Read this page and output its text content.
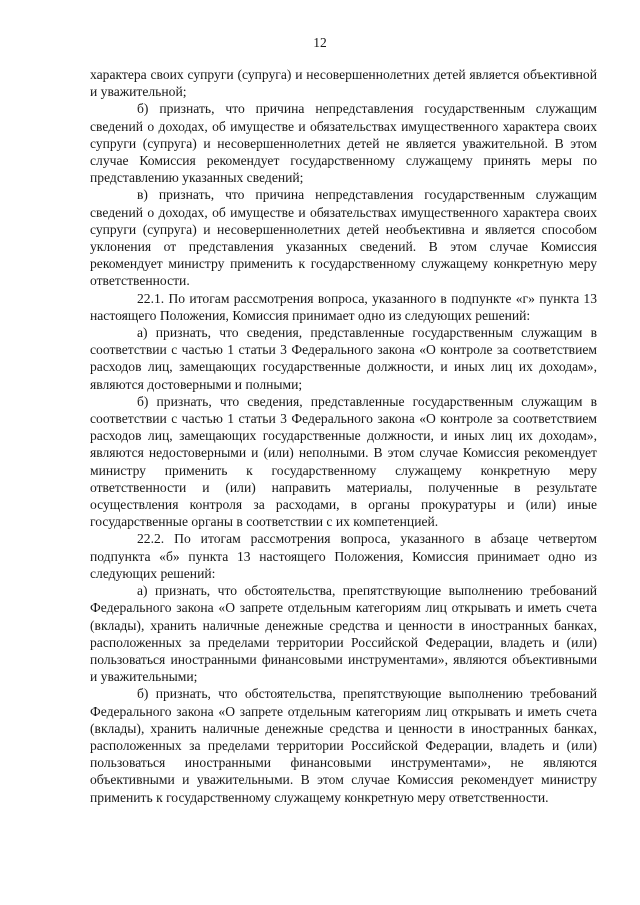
12

характера своих супруги (супруга) и несовершеннолетних детей является объективной и уважительной;

б) признать, что причина непредставления государственным служащим сведений о доходах, об имуществе и обязательствах имущественного характера своих супруги (супруга) и несовершеннолетних детей не является уважительной. В этом случае Комиссия рекомендует государственному служащему принять меры по представлению указанных сведений;

в) признать, что причина непредставления государственным служащим сведений о доходах, об имуществе и обязательствах имущественного характера своих супруги (супруга) и несовершеннолетних детей необъективна и является способом уклонения от представления указанных сведений. В этом случае Комиссия рекомендует министру применить к государственному служащему конкретную меру ответственности.

22.1. По итогам рассмотрения вопроса, указанного в подпункте «г» пункта 13 настоящего Положения, Комиссия принимает одно из следующих решений:

а) признать, что сведения, представленные государственным служащим в соответствии с частью 1 статьи 3 Федерального закона «О контроле за соответствием расходов лиц, замещающих государственные должности, и иных лиц их доходам», являются достоверными и полными;

б) признать, что сведения, представленные государственным служащим в соответствии с частью 1 статьи 3 Федерального закона «О контроле за соответствием расходов лиц, замещающих государственные должности, и иных лиц их доходам», являются недостоверными и (или) неполными. В этом случае Комиссия рекомендует министру применить к государственному служащему конкретную меру ответственности и (или) направить материалы, полученные в результате осуществления контроля за расходами, в органы прокуратуры и (или) иные государственные органы в соответствии с их компетенцией.

22.2. По итогам рассмотрения вопроса, указанного в абзаце четвертом подпункта «б» пункта 13 настоящего Положения, Комиссия принимает одно из следующих решений:

а) признать, что обстоятельства, препятствующие выполнению требований Федерального закона «О запрете отдельным категориям лиц открывать и иметь счета (вклады), хранить наличные денежные средства и ценности в иностранных банках, расположенных за пределами территории Российской Федерации, владеть и (или) пользоваться иностранными финансовыми инструментами», являются объективными и уважительными;

б) признать, что обстоятельства, препятствующие выполнению требований Федерального закона «О запрете отдельным категориям лиц открывать и иметь счета (вклады), хранить наличные денежные средства и ценности в иностранных банках, расположенных за пределами территории Российской Федерации, владеть и (или) пользоваться иностранными финансовыми инструментами», не являются объективными и уважительными. В этом случае Комиссия рекомендует министру применить к государственному служащему конкретную меру ответственности.
